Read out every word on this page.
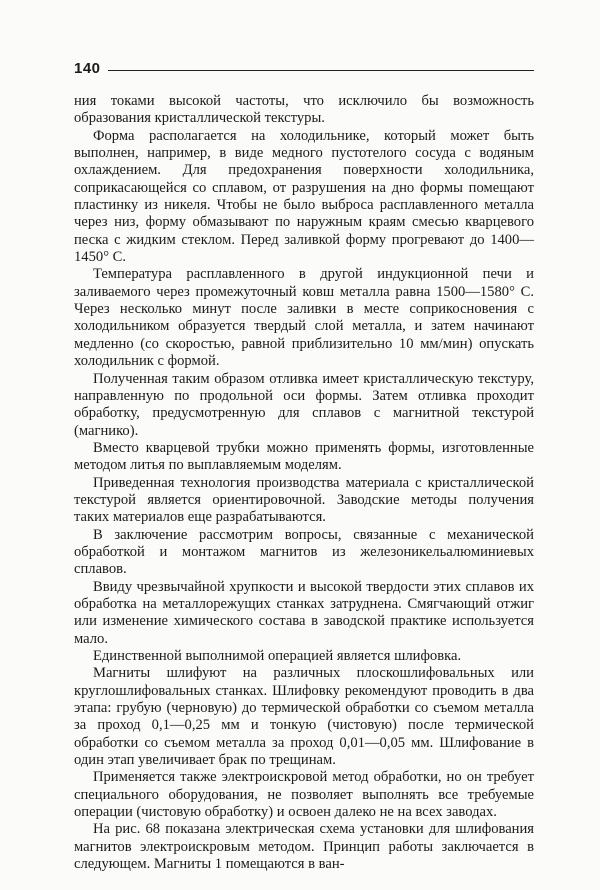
140

ния токами высокой частоты, что исключило бы возможность образования кристаллической текстуры.

Форма располагается на холодильнике, который может быть выполнен, например, в виде медного пустотелого сосуда с водяным охлаждением. Для предохранения поверхности холодильника, соприкасающейся со сплавом, от разрушения на дно формы помещают пластинку из никеля. Чтобы не было выброса расплавленного металла через низ, форму обмазывают по наружным краям смесью кварцевого песка с жидким стеклом. Перед заливкой форму прогревают до 1400—1450° С.

Температура расплавленного в другой индукционной печи и заливаемого через промежуточный ковш металла равна 1500—1580° С. Через несколько минут после заливки в месте соприкосновения с холодильником образуется твердый слой металла, и затем начинают медленно (со скоростью, равной приблизительно 10 мм/мин) опускать холодильник с формой.

Полученная таким образом отливка имеет кристаллическую текстуру, направленную по продольной оси формы. Затем отливка проходит обработку, предусмотренную для сплавов с магнитной текстурой (магнико).

Вместо кварцевой трубки можно применять формы, изготовленные методом литья по выплавляемым моделям.

Приведенная технология производства материала с кристаллической текстурой является ориентировочной. Заводские методы получения таких материалов еще разрабатываются.

В заключение рассмотрим вопросы, связанные с механической обработкой и монтажом магнитов из железоникельалюминиевых сплавов.

Ввиду чрезвычайной хрупкости и высокой твердости этих сплавов их обработка на металлорежущих станках затруднена. Смягчающий отжиг или изменение химического состава в заводской практике используется мало.

Единственной выполнимой операцией является шлифовка.

Магниты шлифуют на различных плоскошлифовальных или круглошлифовальных станках. Шлифовку рекомендуют проводить в два этапа: грубую (черновую) до термической обработки со съемом металла за проход 0,1—0,25 мм и тонкую (чистовую) после термической обработки со съемом металла за проход 0,01—0,05 мм. Шлифование в один этап увеличивает брак по трещинам.

Применяется также электроискровой метод обработки, но он требует специального оборудования, не позволяет выполнять все требуемые операции (чистовую обработку) и освоен далеко не на всех заводах.

На рис. 68 показана электрическая схема установки для шлифования магнитов электроискровым методом. Принцип работы заключается в следующем. Магниты 1 помещаются в ван-
